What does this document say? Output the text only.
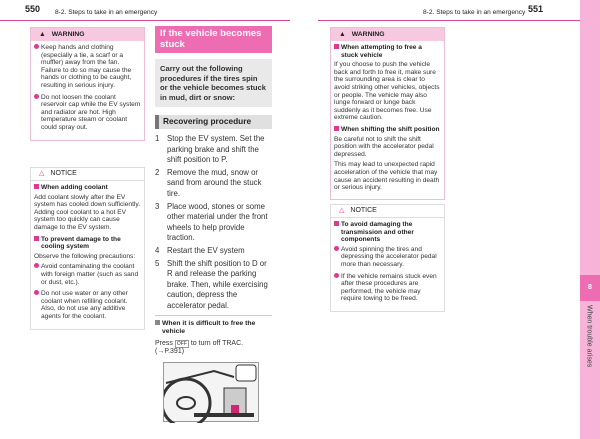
550 8-2. Steps to take in an emergency	8-2. Steps to take in an emergency 551
▲ WARNING
Keep hands and clothing (especially a tie, a scarf or a muffler) away from the fan. Failure to do so may cause the hands or clothing to be caught, resulting in serious injury.
Do not loosen the coolant reservoir cap while the EV system and radiator are hot. High temperature steam or coolant could spray out.
△ NOTICE
When adding coolant

Add coolant slowly after the EV system has cooled down sufficiently. Adding cool coolant to a hot EV system too quickly can cause damage to the EV system.

To prevent damage to the cooling system

Observe the following precautions:

Avoid contaminating the coolant with foreign matter (such as sand or dust, etc.).
Do not use water or any other coolant when refilling coolant. Also, do not use any additive agents for the coolant.
If the vehicle becomes stuck
Carry out the following procedures if the tires spin or the vehicle becomes stuck in mud, dirt or snow:
Recovering procedure
1 Stop the EV system. Set the parking brake and shift the shift position to P.
2 Remove the mud, snow or sand from around the stuck tire.
3 Place wood, stones or some other material under the front wheels to help provide traction.
4 Restart the EV system
5 Shift the shift position to D or R and release the parking brake. Then, while exercising caution, depress the accelerator pedal.
When it is difficult to free the vehicle
Press OFF to turn off TRAC.
(→P.391)
▲ WARNING
When attempting to free a stuck vehicle

If you choose to push the vehicle back and forth to free it, make sure the surrounding area is clear to avoid striking other vehicles, objects or people. The vehicle may also lunge forward or lunge back suddenly as it becomes free. Use extreme caution.

When shifting the shift position

Be careful not to shift the shift position with the accelerator pedal depressed.

This may lead to unexpected rapid acceleration of the vehicle that may cause an accident resulting in death or serious injury.

△ NOTICE
To avoid damaging the transmission and other components
Avoid spinning the tires and depressing the accelerator pedal more than necessary.
If the vehicle remains stuck even after these procedures are performed, the vehicle may require towing to be freed.
8
When trouble arises
